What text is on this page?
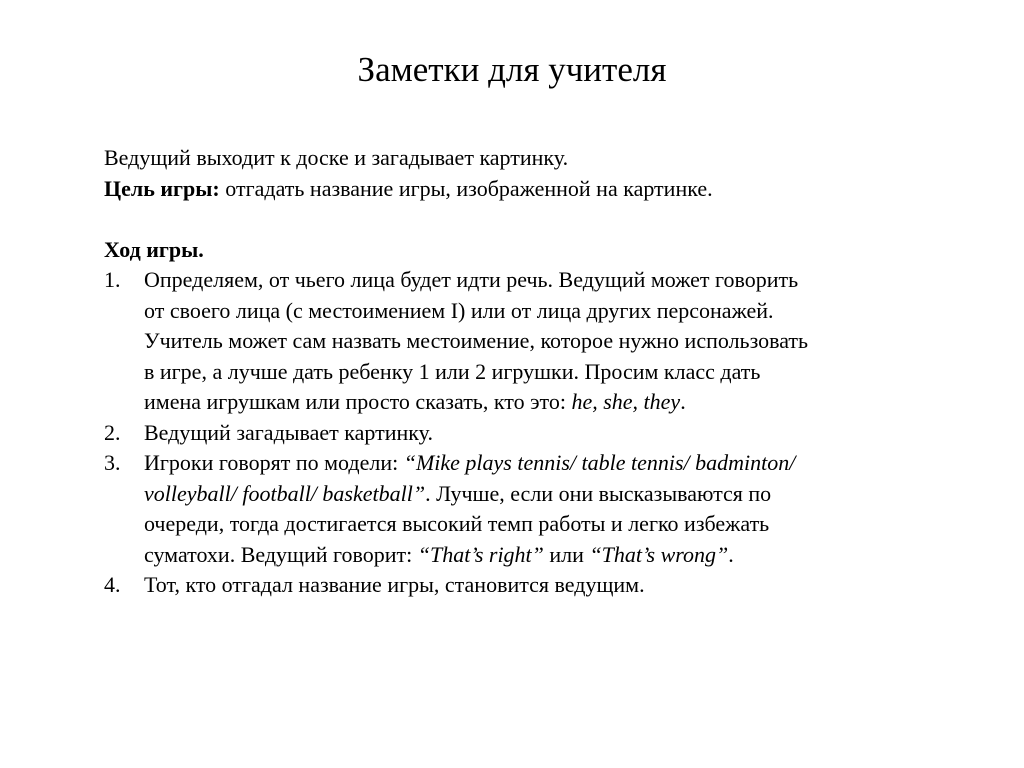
Заметки для учителя

Ведущий выходит к доске и загадывает картинку.

Цель игры: отгадать название игры, изображенной на картинке.

Ход игры.

1. Определяем, от чьего лица будет идти речь. Ведущий может говорить
от своего лица (с местоимением I) или от лица других персонажей.
Учитель может сам назвать местоимение, которое нужно использовать
в игре, а лучше дать ребенку 1 или 2 игрушки. Просим класс дать
имена игрушкам или просто сказать, кто это: he, she, they.
2. Ведущий загадывает картинку.
3. Игроки говорят по модели: “Mike plays tennis/ table tennis/ badminton/
volleyball/ football/ basketball”. Лучше, если они высказываются по
очереди, тогда достигается высокий темп работы и легко избежать
суматохи. Ведущий говорит: “That’s right” или “That’s wrong”.
4. Тот, кто отгадал название игры, становится ведущим.
